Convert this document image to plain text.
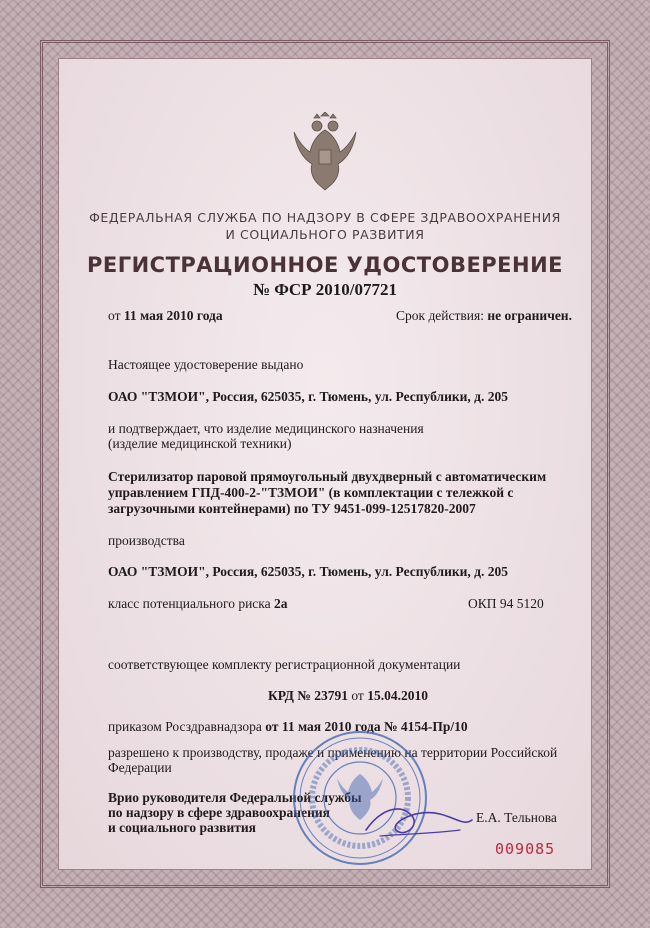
ФЕДЕРАЛЬНАЯ СЛУЖБА ПО НАДЗОРУ В СФЕРЕ ЗДРАВООХРАНЕНИЯ
И СОЦИАЛЬНОГО РАЗВИТИЯ
РЕГИСТРАЦИОННОЕ УДОСТОВЕРЕНИЕ
№ ФСР 2010/07721
от 11 мая 2010 года	Срок действия: не ограничен.
Настоящее удостоверение выдано
ОАО "ТЗМОИ", Россия, 625035, г. Тюмень, ул. Республики, д. 205
и подтверждает, что изделие медицинского назначения
(изделие медицинской техники)
Стерилизатор паровой прямоугольный двухдверный с автоматическим
управлением ГПД-400-2-"ТЗМОИ" (в комплектации с тележкой с
загрузочными контейнерами) по ТУ 9451-099-12517820-2007
производства
ОАО "ТЗМОИ", Россия, 625035, г. Тюмень, ул. Республики, д. 205
класс потенциального риска 2а	ОКП 94 5120
соответствующее комплекту регистрационной документации
КРД № 23791 от 15.04.2010
приказом Росздравнадзора от 11 мая 2010 года № 4154-Пр/10
разрешено к производству, продаже и применению на территории Российской
Федерации
Врио руководителя Федеральной службы
по надзору в сфере здравоохранения
и социального развития
Е.А. Тельнова
009085
